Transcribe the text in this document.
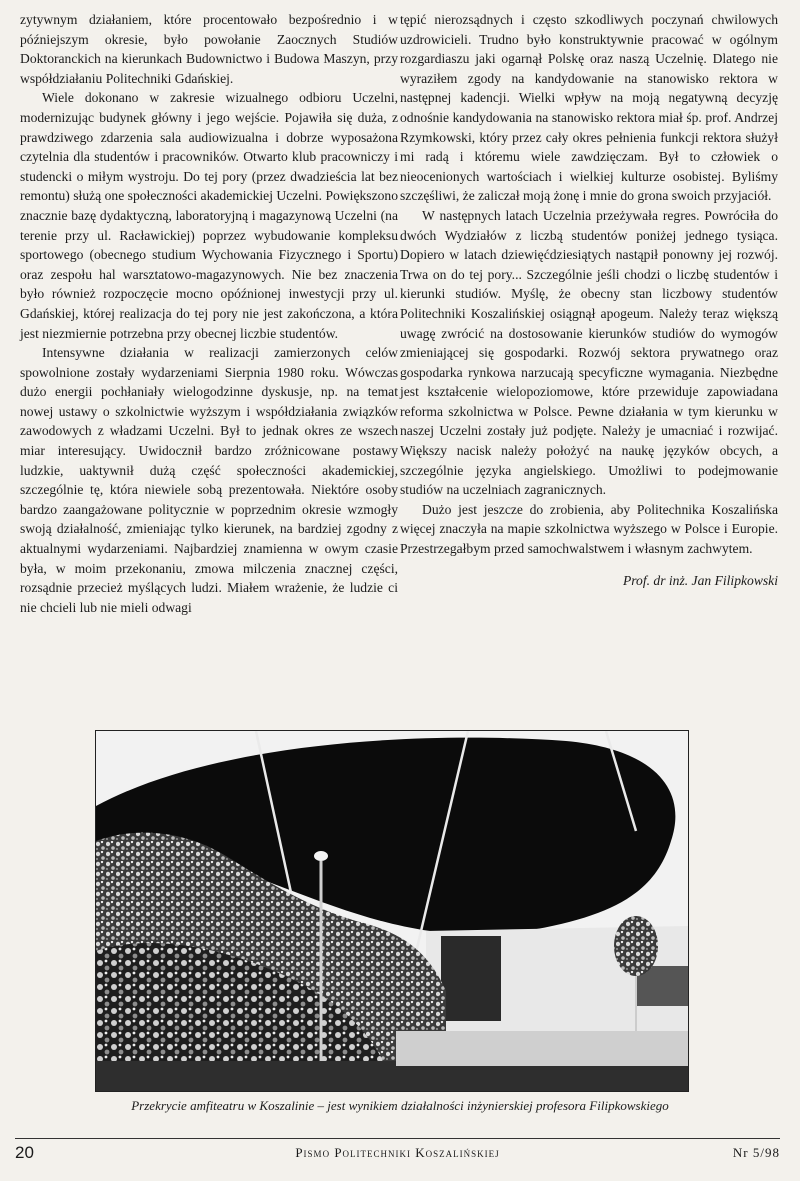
zytywnym działaniem, które procentowało bezpośrednio i w późniejszym okresie, było powołanie Zaocznych Studiów Doktoranckich na kierunkach Budownictwo i Budowa Maszyn, przy współdziałaniu Politechniki Gdańskiej.

Wiele dokonano w zakresie wizualnego odbioru Uczelni, modernizując budynek główny i jego wejście. Pojawiła się duża, z prawdziwego zdarzenia sala audiowizualna i dobrze wyposażona czytelnia dla studentów i pracowników. Otwarto klub pracowniczy i studencki o miłym wystroju. Do tej pory (przez dwadzieścia lat bez remontu) służą one społeczności akademickiej Uczelni. Powiększono znacznie bazę dydaktyczną, laboratoryjną i magazynową Uczelni (na terenie przy ul. Racławickiej) poprzez wybudowanie kompleksu sportowego (obecnego studium Wychowania Fizycznego i Sportu) oraz zespołu hal warsztatowo-magazynowych. Nie bez znaczenia było również rozpoczęcie mocno opóźnionej inwestycji przy ul. Gdańskiej, której realizacja do tej pory nie jest zakończona, a która jest niezmiernie potrzebna przy obecnej liczbie studentów.

Intensywne działania w realizacji zamierzonych celów spowolnione zostały wydarzeniami Sierpnia 1980 roku. Wówczas dużo energii pochłaniały wielogodzinne dyskusje, np. na temat nowej ustawy o szkolnictwie wyższym i współdziałania związków zawodowych z władzami Uczelni. Był to jednak okres ze wszech miar interesujący. Uwidocznił bardzo zróżnicowane postawy ludzkie, uaktywnił dużą część społeczności akademickiej, szczególnie tę, która niewiele sobą prezentowała. Niektóre osoby bardzo zaangażowane politycznie w poprzednim okresie wzmogły swoją działalność, zmieniając tylko kierunek, na bardziej zgodny z aktualnymi wydarzeniami. Najbardziej znamienna w owym czasie była, w moim przekonaniu, zmowa milczenia znacznej części, rozsądnie przecież myślących ludzi. Miałem wrażenie, że ludzie ci nie chcieli lub nie mieli odwagi

tępić nierozsądnych i często szkodliwych poczynań chwilowych uzdrowicieli. Trudno było konstruktywnie pracować w ogólnym rozgardiaszu jaki ogarnął Polskę oraz naszą Uczelnię. Dlatego nie wyraziłem zgody na kandydowanie na stanowisko rektora w następnej kadencji. Wielki wpływ na moją negatywną decyzję odnośnie kandydowania na stanowisko rektora miał śp. prof. Andrzej Rzymkowski, który przez cały okres pełnienia funkcji rektora służył mi radą i któremu wiele zawdzięczam. Był to człowiek o nieocenionych wartościach i wielkiej kulturze osobistej. Byliśmy szczęśliwi, że zaliczał moją żonę i mnie do grona swoich przyjaciół.

W następnych latach Uczelnia przeżywała regres. Powróciła do dwóch Wydziałów z liczbą studentów poniżej jednego tysiąca. Dopiero w latach dziewięćdziesiątych nastąpił ponowny jej rozwój. Trwa on do tej pory... Szczególnie jeśli chodzi o liczbę studentów i kierunki studiów. Myślę, że obecny stan liczbowy studentów Politechniki Koszalińskiej osiągnął apogeum. Należy teraz większą uwagę zwrócić na dostosowanie kierunków studiów do wymogów zmieniającej się gospodarki. Rozwój sektora prywatnego oraz gospodarka rynkowa narzucają specyficzne wymagania. Niezbędne jest kształcenie wielopoziomowe, które przewiduje zapowiadana reforma szkolnictwa w Polsce. Pewne działania w tym kierunku w naszej Uczelni zostały już podjęte. Należy je umacniać i rozwijać. Większy nacisk należy położyć na naukę języków obcych, a szczególnie języka angielskiego. Umożliwi to podejmowanie studiów na uczelniach zagranicznych.

Dużo jest jeszcze do zrobienia, aby Politechnika Koszalińska więcej znaczyła na mapie szkolnictwa wyższego w Polsce i Europie. Przestrzegałbym przed samochwalstwem i własnym zachwytem.

Prof. dr inż. Jan Filipkowski
Przekrycie amfiteatru w Koszalinie – jest wynikiem działalności inżynierskiej profesora Filipkowskiego
20	Pismo Politechniki Koszalińskiej	Nr 5/98
